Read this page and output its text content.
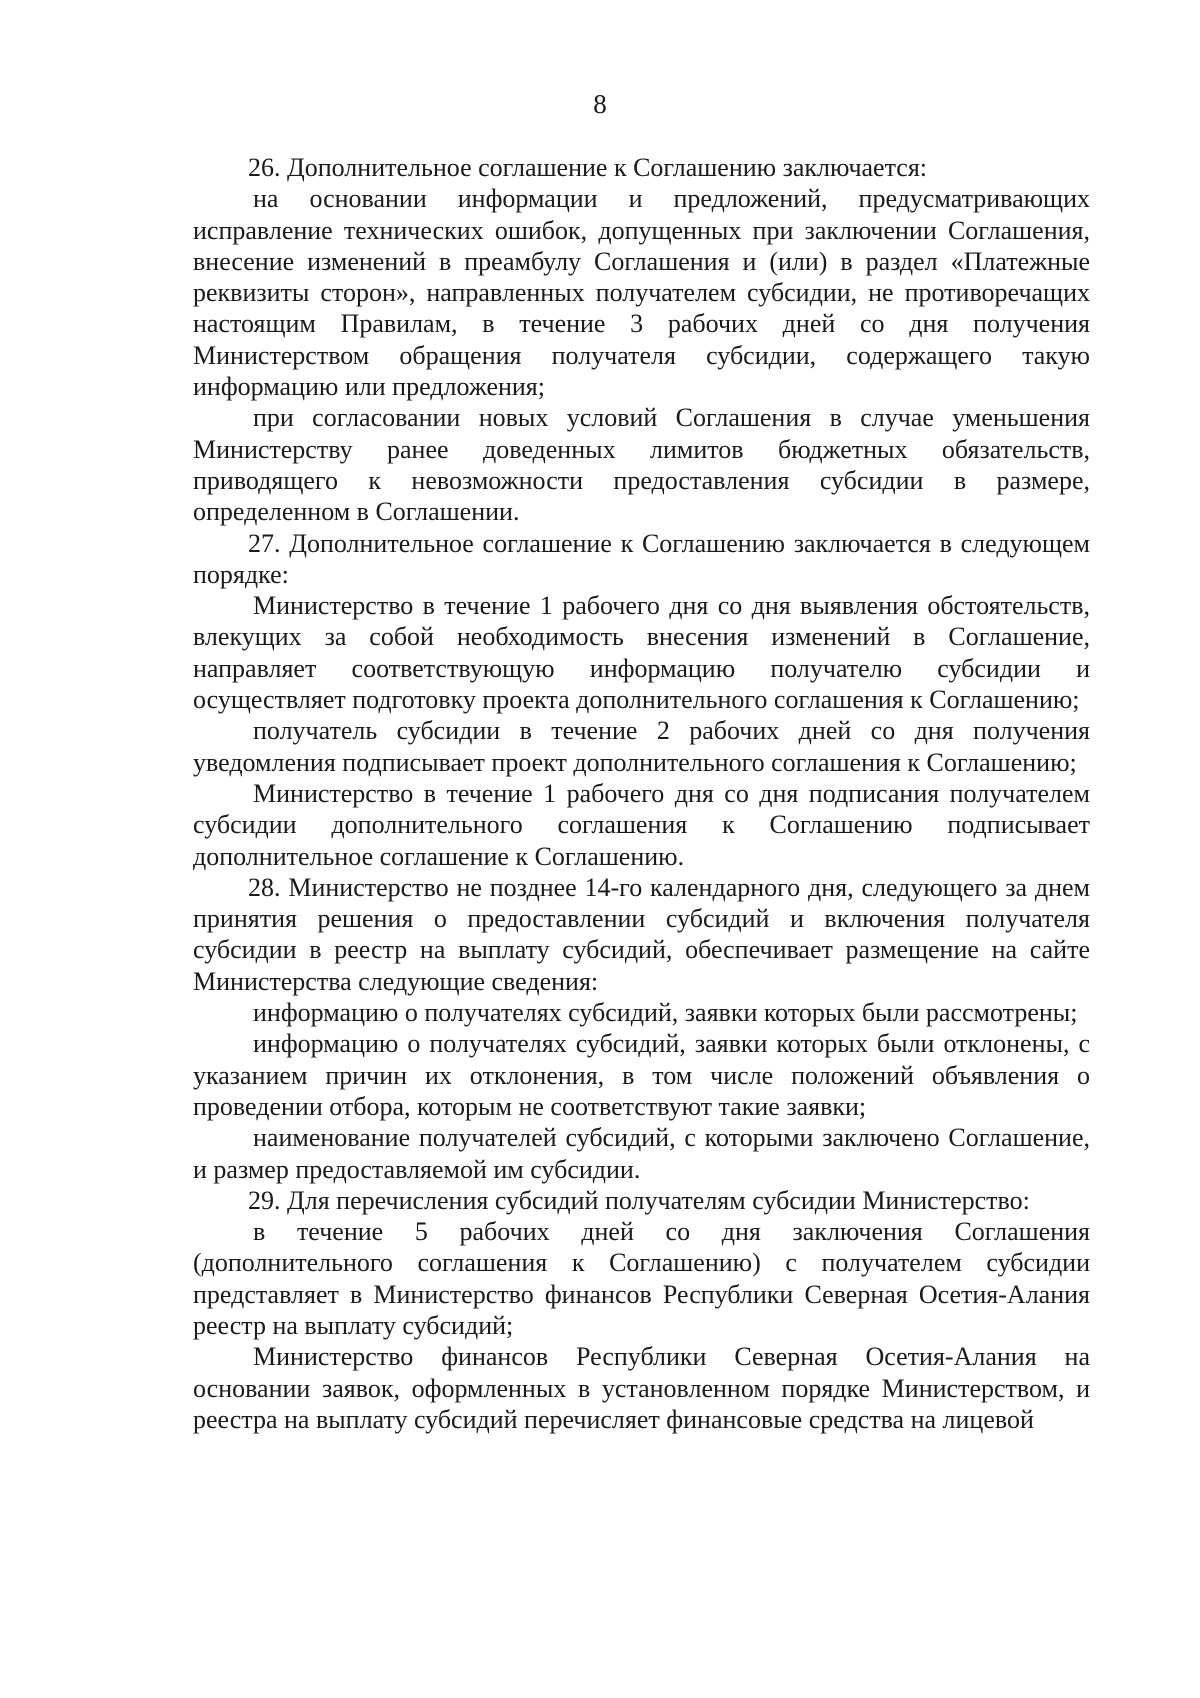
8

26. Дополнительное соглашение к Соглашению заключается:

на основании информации и предложений, предусматривающих исправление технических ошибок, допущенных при заключении Соглашения, внесение изменений в преамбулу Соглашения и (или) в раздел «Платежные реквизиты сторон», направленных получателем субсидии, не противоречащих настоящим Правилам, в течение 3 рабочих дней со дня получения Министерством обращения получателя субсидии, содержащего такую информацию или предложения;

при согласовании новых условий Соглашения в случае уменьшения Министерству ранее доведенных лимитов бюджетных обязательств, приводящего к невозможности предоставления субсидии в размере, определенном в Соглашении.

27. Дополнительное соглашение к Соглашению заключается в следующем порядке:

Министерство в течение 1 рабочего дня со дня выявления обстоятельств, влекущих за собой необходимость внесения изменений в Соглашение, направляет соответствующую информацию получателю субсидии и осуществляет подготовку проекта дополнительного соглашения к Соглашению;

получатель субсидии в течение 2 рабочих дней со дня получения уведомления подписывает проект дополнительного соглашения к Соглашению;

Министерство в течение 1 рабочего дня со дня подписания получателем субсидии дополнительного соглашения к Соглашению подписывает дополнительное соглашение к Соглашению.

28. Министерство не позднее 14-го календарного дня, следующего за днем принятия решения о предоставлении субсидий и включения получателя субсидии в реестр на выплату субсидий, обеспечивает размещение на сайте Министерства следующие сведения:

информацию о получателях субсидий, заявки которых были рассмотрены;

информацию о получателях субсидий, заявки которых были отклонены, с указанием причин их отклонения, в том числе положений объявления о проведении отбора, которым не соответствуют такие заявки;

наименование получателей субсидий, с которыми заключено Соглашение, и размер предоставляемой им субсидии.

29. Для перечисления субсидий получателям субсидии Министерство:

в течение 5 рабочих дней со дня заключения Соглашения (дополнительного соглашения к Соглашению) с получателем субсидии представляет в Министерство финансов Республики Северная Осетия-Алания реестр на выплату субсидий;

Министерство финансов Республики Северная Осетия-Алания на основании заявок, оформленных в установленном порядке Министерством, и реестра на выплату субсидий перечисляет финансовые средства на лицевой
